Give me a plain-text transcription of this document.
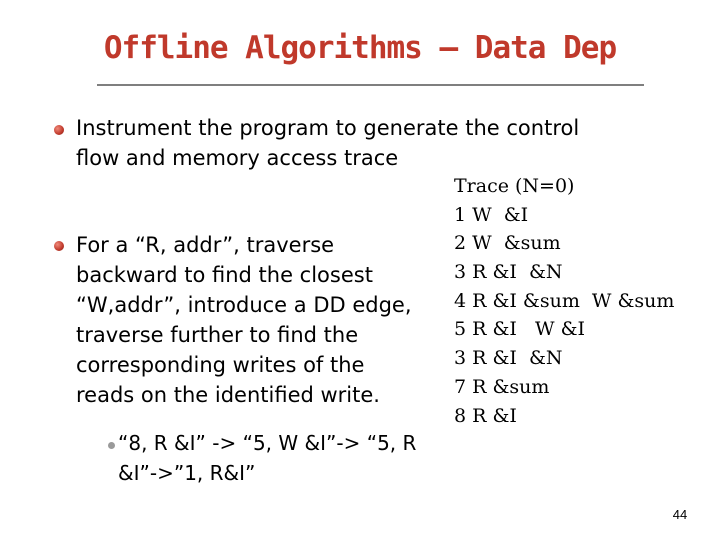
Offline Algorithms – Data Dep
Instrument the program to generate the control
flow and memory access trace
For a “R, addr”, traverse
backward to find the closest
“W,addr”, introduce a DD edge,
traverse further to find the
corresponding writes of the
reads on the identified write.
“8, R &I” -> “5, W &I”-> “5, R
&I”->”1, R&I”
Trace (N=0)
1 W  &I
2 W  &sum
3 R &I  &N
4 R &I &sum  W &sum
5 R &I   W &I
3 R &I  &N
7 R &sum
8 R &I
44
